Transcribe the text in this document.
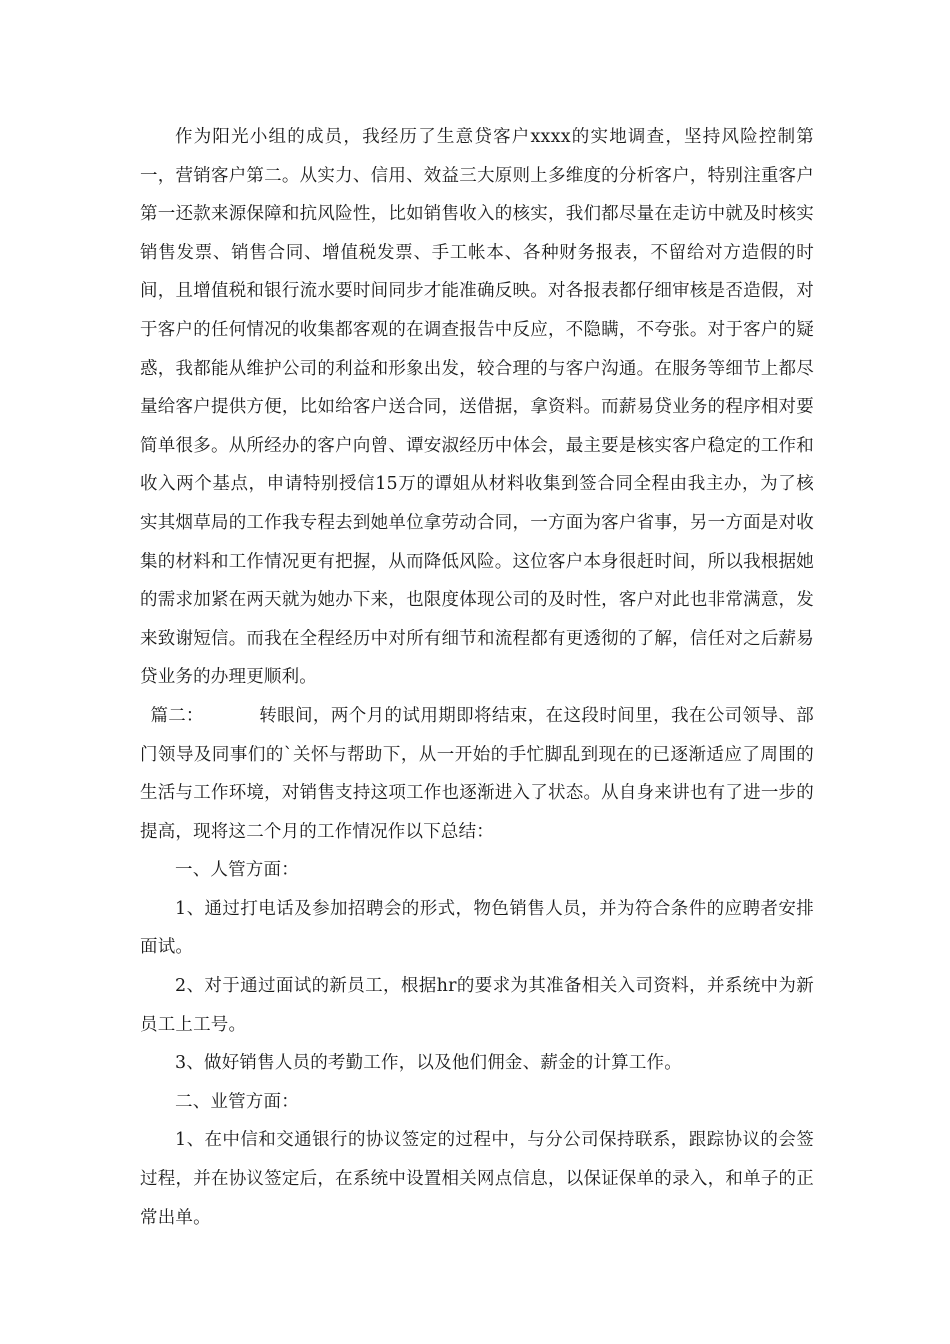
作为阳光小组的成员，我经历了生意贷客户xxxx的实地调查，坚持风险控制第一，营销客户第二。从实力、信用、效益三大原则上多维度的分析客户，特别注重客户第一还款来源保障和抗风险性，比如销售收入的核实，我们都尽量在走访中就及时核实销售发票、销售合同、增值税发票、手工帐本、各种财务报表，不留给对方造假的时间，且增值税和银行流水要时间同步才能准确反映。对各报表都仔细审核是否造假，对于客户的任何情况的收集都客观的在调查报告中反应，不隐瞒，不夸张。对于客户的疑惑，我都能从维护公司的利益和形象出发，较合理的与客户沟通。在服务等细节上都尽量给客户提供方便，比如给客户送合同，送借据，拿资料。而薪易贷业务的程序相对要简单很多。从所经办的客户向曾、谭安淑经历中体会，最主要是核实客户稳定的工作和收入两个基点，申请特别授信15万的谭姐从材料收集到签合同全程由我主办，为了核实其烟草局的工作我专程去到她单位拿劳动合同，一方面为客户省事，另一方面是对收集的材料和工作情况更有把握，从而降低风险。这位客户本身很赶时间，所以我根据她的需求加紧在两天就为她办下来，也限度体现公司的及时性，客户对此也非常满意，发来致谢短信。而我在全程经历中对所有细节和流程都有更透彻的了解，信任对之后薪易贷业务的办理更顺利。

篇二：	转眼间，两个月的试用期即将结束，在这段时间里，我在公司领导、部门领导及同事们的`关怀与帮助下，从一开始的手忙脚乱到现在的已逐渐适应了周围的生活与工作环境，对销售支持这项工作也逐渐进入了状态。从自身来讲也有了进一步的提高，现将这二个月的工作情况作以下总结：

一、人管方面：

1、通过打电话及参加招聘会的形式，物色销售人员，并为符合条件的应聘者安排面试。

2、对于通过面试的新员工，根据hr的要求为其准备相关入司资料，并系统中为新员工上工号。

3、做好销售人员的考勤工作，以及他们佣金、薪金的计算工作。

二、业管方面：

1、在中信和交通银行的协议签定的过程中，与分公司保持联系，跟踪协议的会签过程，并在协议签定后，在系统中设置相关网点信息，以保证保单的录入，和单子的正常出单。
